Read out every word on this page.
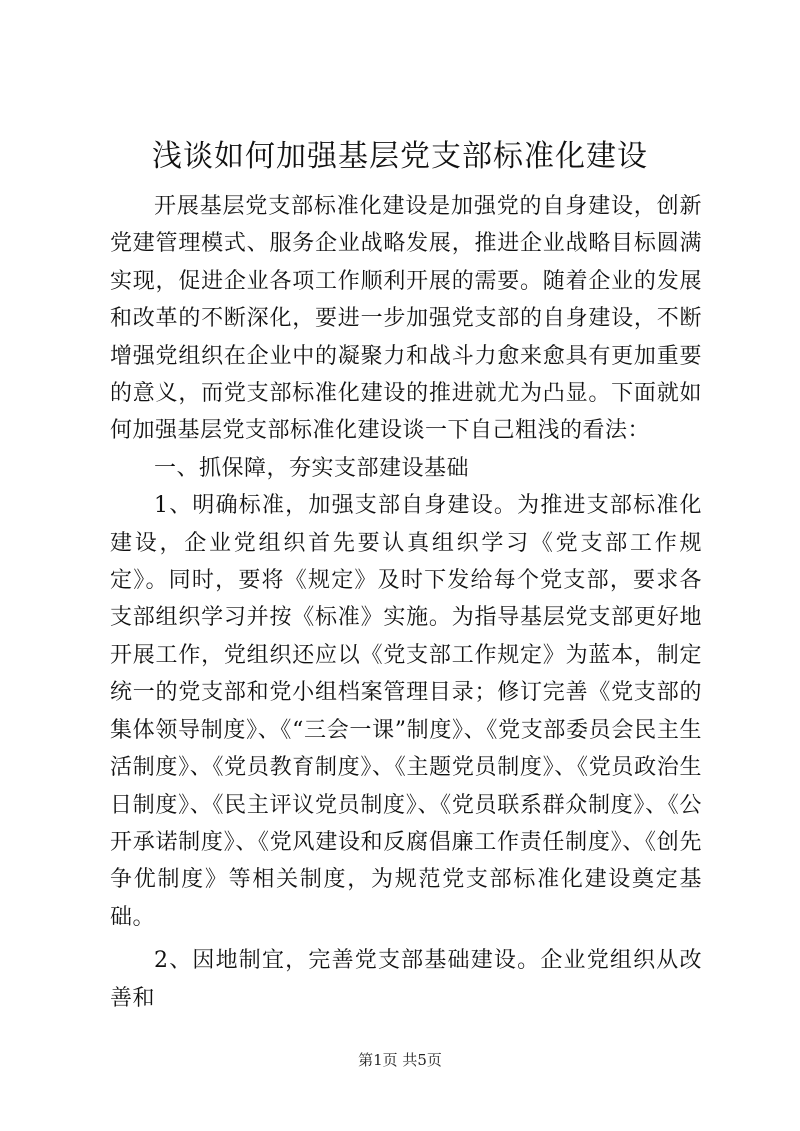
浅谈如何加强基层党支部标准化建设

开展基层党支部标准化建设是加强党的自身建设，创新党建管理模式、服务企业战略发展，推进企业战略目标圆满实现，促进企业各项工作顺利开展的需要。随着企业的发展和改革的不断深化，要进一步加强党支部的自身建设，不断增强党组织在企业中的凝聚力和战斗力愈来愈具有更加重要的意义，而党支部标准化建设的推进就尤为凸显。下面就如何加强基层党支部标准化建设谈一下自己粗浅的看法：

一、抓保障，夯实支部建设基础

1、明确标准，加强支部自身建设。为推进支部标准化建设，企业党组织首先要认真组织学习《党支部工作规定》。同时，要将《规定》及时下发给每个党支部，要求各支部组织学习并按《标准》实施。为指导基层党支部更好地开展工作，党组织还应以《党支部工作规定》为蓝本，制定统一的党支部和党小组档案管理目录；修订完善《党支部的集体领导制度》、《“三会一课”制度》、《党支部委员会民主生活制度》、《党员教育制度》、《主题党员制度》、《党员政治生日制度》、《民主评议党员制度》、《党员联系群众制度》、《公开承诺制度》、《党风建设和反腐倡廉工作责任制度》、《创先争优制度》等相关制度，为规范党支部标准化建设奠定基础。

2、因地制宜，完善党支部基础建设。企业党组织从改善和

第1页 共5页
